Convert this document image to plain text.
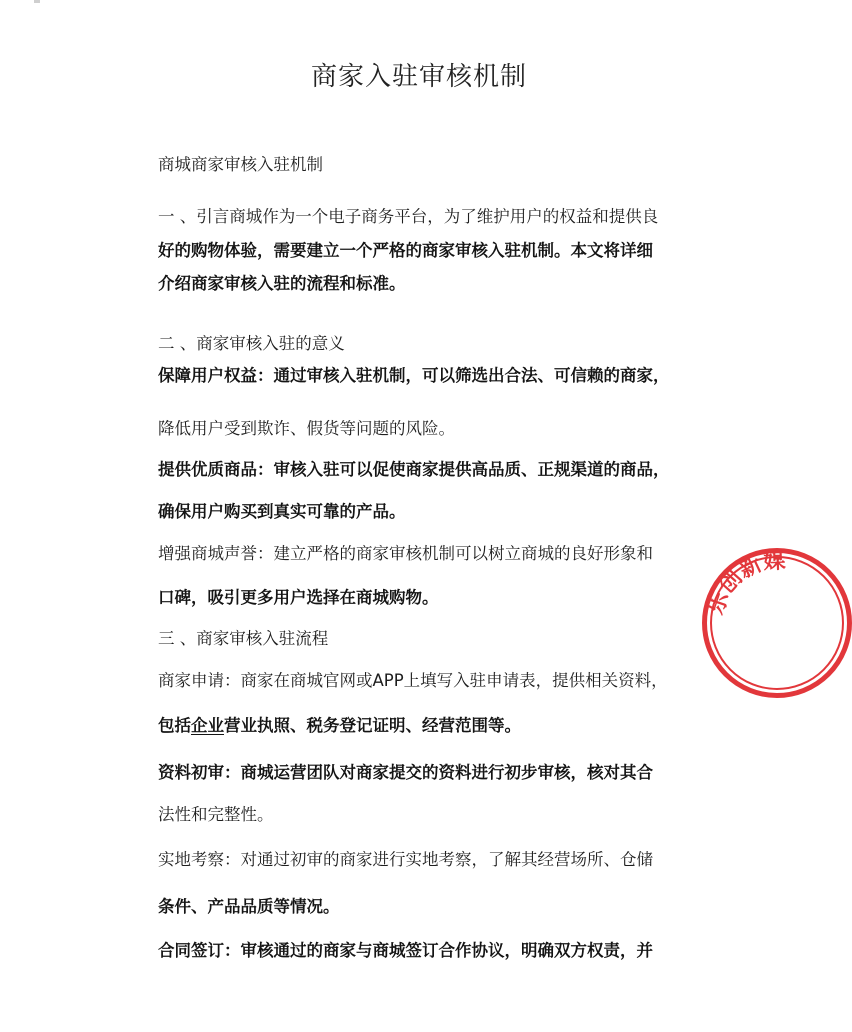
商家入驻审核机制
商城商家审核入驻机制
一 、引言商城作为一个电子商务平台，为了维护用户的权益和提供良
好的购物体验，需要建立一个严格的商家审核入驻机制。本文将详细
介绍商家审核入驻的流程和标准。
二 、商家审核入驻的意义
保障用户权益：通过审核入驻机制，可以筛选出合法、可信赖的商家，
降低用户受到欺诈、假货等问题的风险。
提供优质商品：审核入驻可以促使商家提供高品质、正规渠道的商品，
确保用户购买到真实可靠的产品。
增强商城声誉：建立严格的商家审核机制可以树立商城的良好形象和
口碑，吸引更多用户选择在商城购物。
三 、商家审核入驻流程
商家申请：商家在商城官网或APP上填写入驻申请表，提供相关资料，
包括企业营业执照、税务登记证明、经营范围等。
资料初审：商城运营团队对商家提交的资料进行初步审核，核对其合
法性和完整性。
实地考察：对通过初审的商家进行实地考察，了解其经营场所、仓储
条件、产品品质等情况。
合同签订：审核通过的商家与商城签订合作协议，明确双方权责，并
乐创新媒
